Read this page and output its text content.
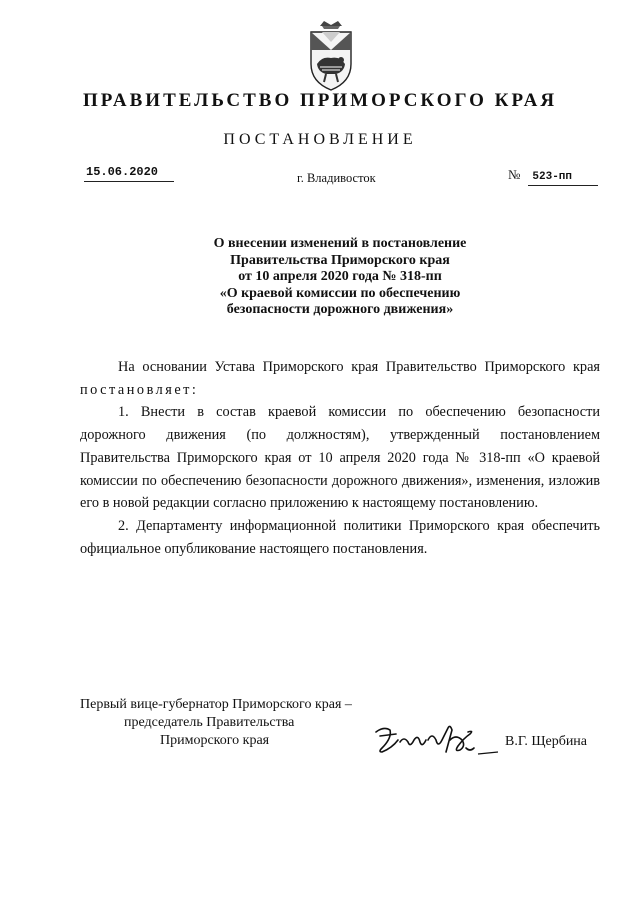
ПРАВИТЕЛЬСТВО ПРИМОРСКОГО КРАЯ
ПОСТАНОВЛЕНИЕ
15.06.2020	г. Владивосток	№ 523-пп
О внесении изменений в постановление
Правительства Приморского края
от 10 апреля 2020 года № 318-пп
«О краевой комиссии по обеспечению
безопасности дорожного движения»

На основании Устава Приморского края Правительство Приморского края постановляет:

1. Внести в состав краевой комиссии по обеспечению безопасности дорожного движения (по должностям), утвержденный постановлением Правительства Приморского края от 10 апреля 2020 года № 318-пп «О краевой комиссии по обеспечению безопасности дорожного движения», изменения, изложив его в новой редакции согласно приложению к настоящему постановлению.

2. Департаменту информационной политики Приморского края обеспечить официальное опубликование настоящего постановления.

Первый вице-губернатор Приморского края –
председатель Правительства
Приморского края	В.Г. Щербина
